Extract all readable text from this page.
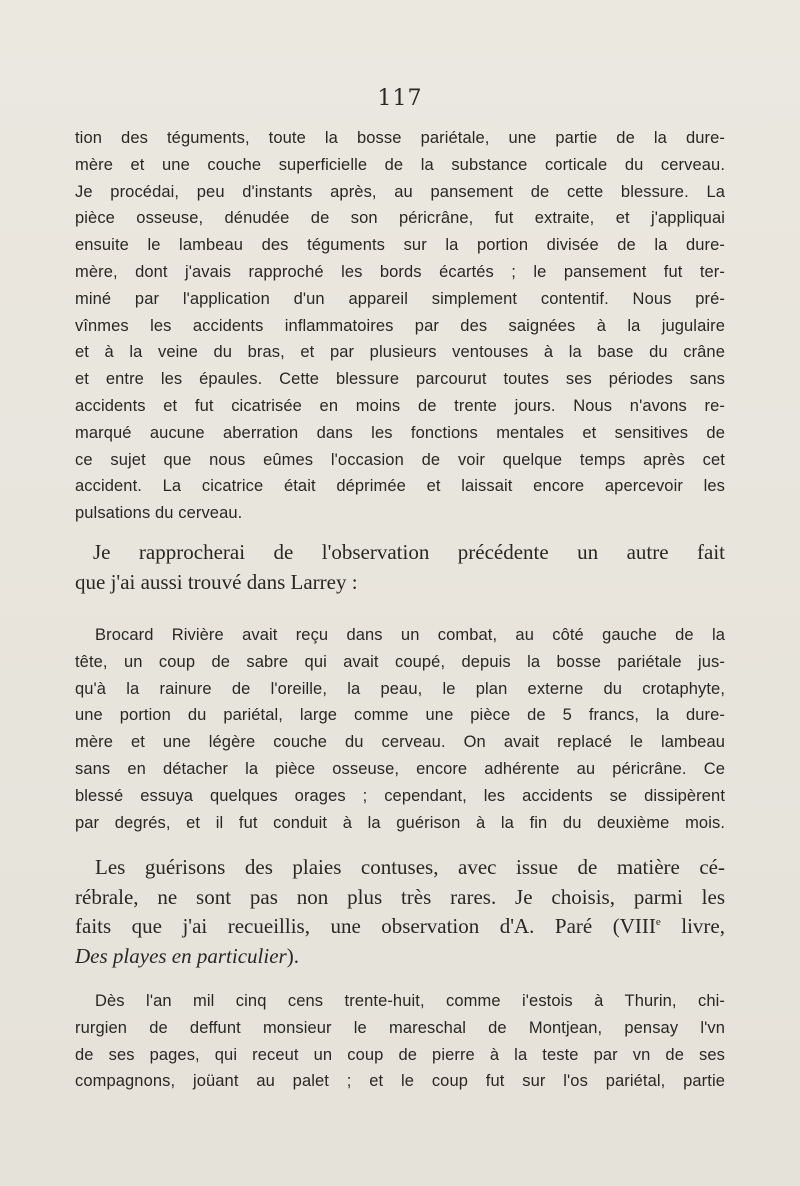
117
tion des téguments, toute la bosse pariétale, une partie de la dure-
mère et une couche superficielle de la substance corticale du cerveau.
Je procédai, peu d'instants après, au pansement de cette blessure. La
pièce osseuse, dénudée de son péricrâne, fut extraite, et j'appliquai
ensuite le lambeau des téguments sur la portion divisée de la dure-
mère, dont j'avais rapproché les bords écartés ; le pansement fut ter-
miné par l'application d'un appareil simplement contentif. Nous pré-
vînmes les accidents inflammatoires par des saignées à la jugulaire
et à la veine du bras, et par plusieurs ventouses à la base du crâne
et entre les épaules. Cette blessure parcourut toutes ses périodes sans
accidents et fut cicatrisée en moins de trente jours. Nous n'avons re-
marqué aucune aberration dans les fonctions mentales et sensitives de
ce sujet que nous eûmes l'occasion de voir quelque temps après cet
accident. La cicatrice était déprimée et laissait encore apercevoir les
pulsations du cerveau.
Je rapprocherai de l'observation précédente un autre fait
que j'ai aussi trouvé dans Larrey :
Brocard Rivière avait reçu dans un combat, au côté gauche de la
tête, un coup de sabre qui avait coupé, depuis la bosse pariétale jus-
qu'à la rainure de l'oreille, la peau, le plan externe du crotaphyte,
une portion du pariétal, large comme une pièce de 5 francs, la dure-
mère et une légère couche du cerveau. On avait replacé le lambeau
sans en détacher la pièce osseuse, encore adhérente au péricrâne. Ce
blessé essuya quelques orages ; cependant, les accidents se dissipèrent
par degrés, et il fut conduit à la guérison à la fin du deuxième mois.
Les guérisons des plaies contuses, avec issue de matière cé-
rébrale, ne sont pas non plus très rares. Je choisis, parmi les
faits que j'ai recueillis, une observation d'A. Paré (VIIIe livre,
Des playes en particulier).
Dès l'an mil cinq cens trente-huit, comme i'estois à Thurin, chi-
rurgien de deffunt monsieur le mareschal de Montjean, pensay l'vn
de ses pages, qui receut un coup de pierre à la teste par vn de ses
compagnons, joüant au palet ; et le coup fut sur l'os pariétal, partie
